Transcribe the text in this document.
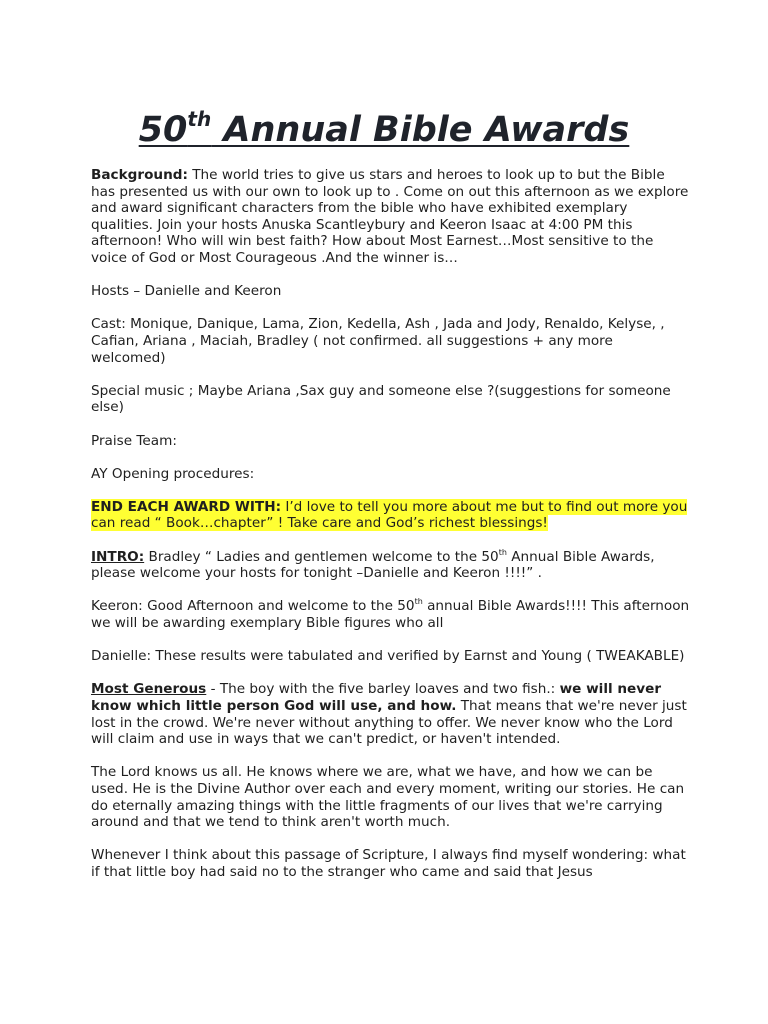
50th Annual Bible Awards

Background: The world tries to give us stars and heroes to look up to but the Bible has presented us with our own to look up to . Come on out this afternoon as we explore and award significant characters from the bible who have exhibited exemplary qualities. Join your hosts Anuska Scantleybury and Keeron Isaac at 4:00 PM this afternoon! Who will win best faith? How about Most Earnest…Most sensitive to the voice of God or Most Courageous .And the winner is…

Hosts – Danielle and Keeron

Cast: Monique, Danique, Lama, Zion, Kedella, Ash , Jada and Jody, Renaldo, Kelyse, , Cafian, Ariana , Maciah, Bradley ( not confirmed. all suggestions + any more welcomed)

Special music ; Maybe Ariana ,Sax guy and someone else ?(suggestions for someone else)

Praise Team:

AY Opening procedures:

END EACH AWARD WITH: I’d love to tell you more about me but to find out more you can read “ Book…chapter” ! Take care and God’s richest blessings!

INTRO: Bradley “ Ladies and gentlemen welcome to the 50th Annual Bible Awards, please welcome your hosts for tonight –Danielle and Keeron !!!!” .

Keeron: Good Afternoon and welcome to the 50th annual Bible Awards!!!! This afternoon we will be awarding exemplary Bible figures who all

Danielle: These results were tabulated and verified by Earnst and Young ( TWEAKABLE)

Most Generous - The boy with the five barley loaves and two fish.: we will never know which little person God will use, and how. That means that we're never just lost in the crowd. We're never without anything to offer. We never know who the Lord will claim and use in ways that we can't predict, or haven't intended.

The Lord knows us all. He knows where we are, what we have, and how we can be used. He is the Divine Author over each and every moment, writing our stories. He can do eternally amazing things with the little fragments of our lives that we're carrying around and that we tend to think aren't worth much.

Whenever I think about this passage of Scripture, I always find myself wondering: what if that little boy had said no to the stranger who came and said that Jesus
